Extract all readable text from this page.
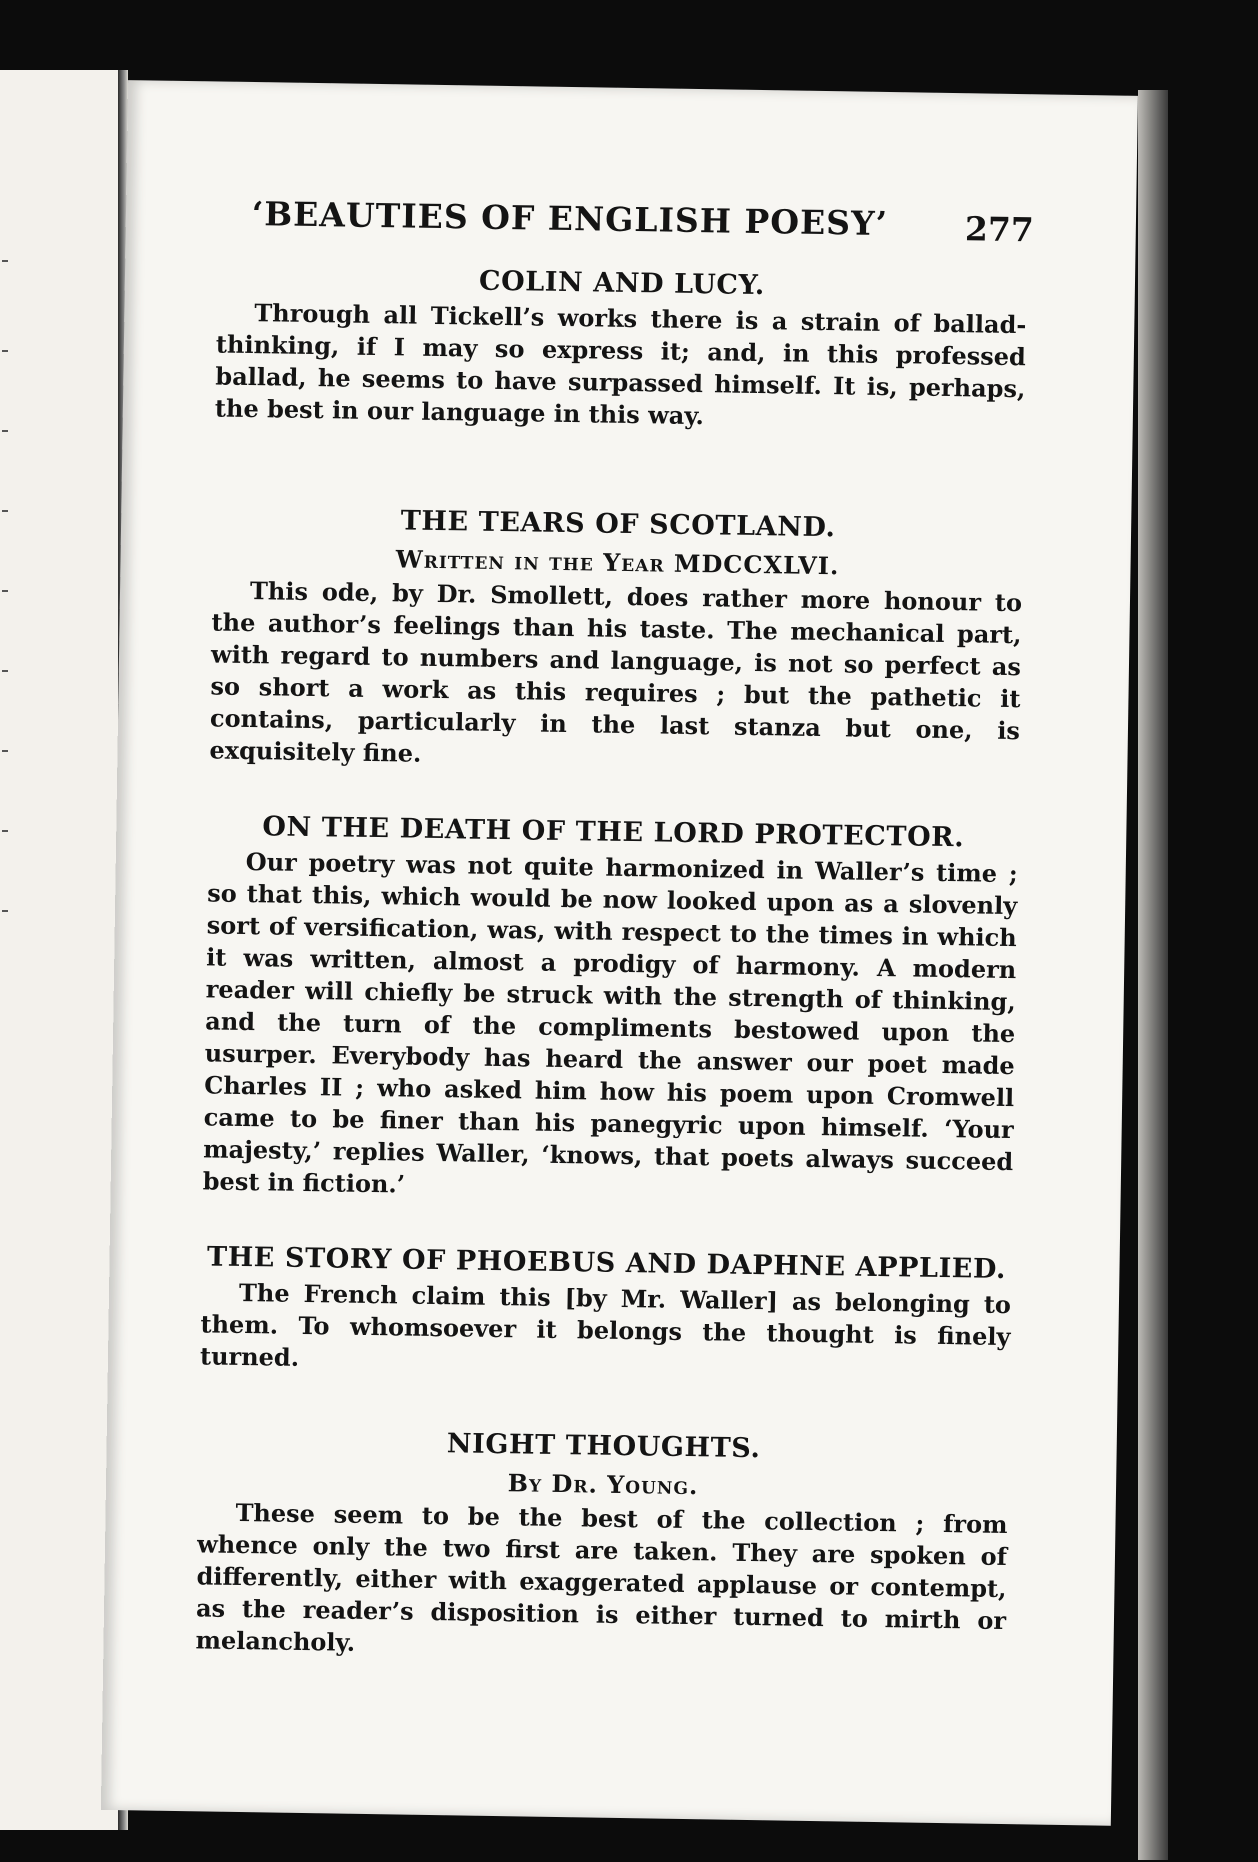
‘BEAUTIES OF ENGLISH POESY’	277
COLIN AND LUCY.

Through all Tickell’s works there is a strain of ballad-thinking, if I may so express it; and, in this professed ballad, he seems to have surpassed himself. It is, perhaps, the best in our language in this way.

THE TEARS OF SCOTLAND.
Written in the Year MDCCXLVI.

This ode, by Dr. Smollett, does rather more honour to the author’s feelings than his taste. The mechanical part, with regard to numbers and language, is not so perfect as so short a work as this requires ; but the pathetic it contains, particularly in the last stanza but one, is exquisitely fine.

ON THE DEATH OF THE LORD PROTECTOR.

Our poetry was not quite harmonized in Waller’s time ; so that this, which would be now looked upon as a slovenly sort of versification, was, with respect to the times in which it was written, almost a prodigy of harmony. A modern reader will chiefly be struck with the strength of thinking, and the turn of the compliments bestowed upon the usurper. Everybody has heard the answer our poet made Charles II ; who asked him how his poem upon Cromwell came to be finer than his panegyric upon himself. ‘Your majesty,’ replies Waller, ‘knows, that poets always succeed best in fiction.’

THE STORY OF PHOEBUS AND DAPHNE APPLIED.

The French claim this [by Mr. Waller] as belonging to them. To whomsoever it belongs the thought is finely turned.

NIGHT THOUGHTS.
By Dr. Young.

These seem to be the best of the collection ; from whence only the two first are taken. They are spoken of differently, either with exaggerated applause or contempt, as the reader’s disposition is either turned to mirth or melancholy.
